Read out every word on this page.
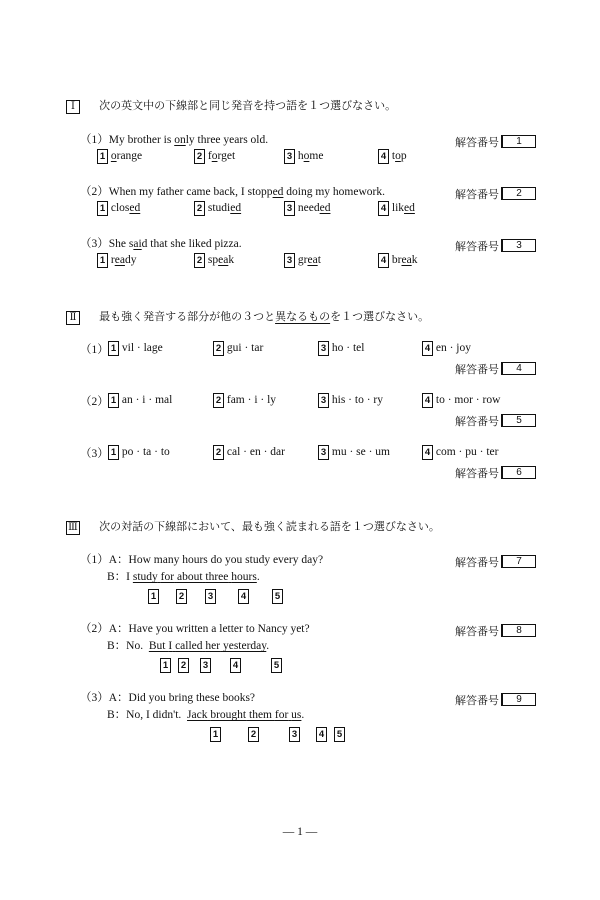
Ⅰ 次の英文中の下線部と同じ発音を持つ語を１つ選びなさい。
（1）My brother is only three years old.	解答番号 1
1 orange	2 forget	3 home	4 top
（2）When my father came back, I stopped doing my homework.	解答番号 2
1 closed	2 studied	3 needed	4 liked
（3）She said that she liked pizza.	解答番号 3
1 ready	2 speak	3 great	4 break
Ⅱ 最も強く発音する部分が他の３つと異なるものを１つ選びなさい。
（1） 1 vil · lage	2 gui · tar	3 ho · tel	4 en · joy
解答番号 4
（2） 1 an · i · mal	2 fam · i · ly	3 his · to · ry	4 to · mor · row
解答番号 5
（3） 1 po · ta · to	2 cal · en · dar	3 mu · se · um	4 com · pu · ter
解答番号 6
Ⅲ 次の対話の下線部において、最も強く読まれる語を１つ選びなさい。
（1）A：How many hours do you study every day?	解答番号 7
B：I study for about three hours.
1	2	3	4	5
（2）A：Have you written a letter to Nancy yet?	解答番号 8
B：No.  But I called her yesterday.
1	2	3	4	5
（3）A：Did you bring these books?	解答番号 9
B：No, I didn't.  Jack brought them for us.
1	2	3	4	5
— 1 —
